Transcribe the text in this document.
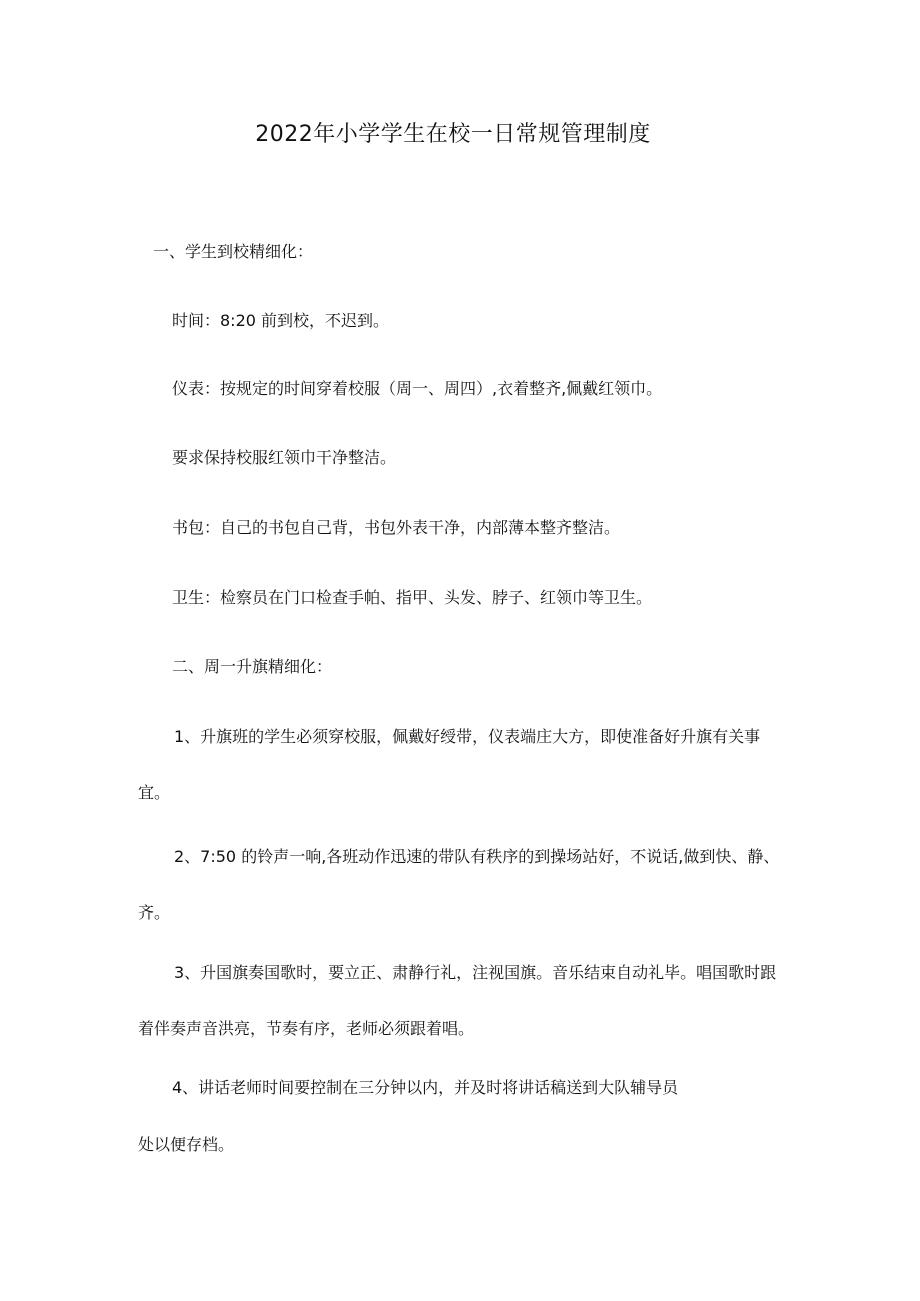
2022年小学学生在校一日常规管理制度
一、学生到校精细化：
时间：8:20 前到校，不迟到。
仪表：按规定的时间穿着校服（周一、周四）,衣着整齐,佩戴红领巾。
要求保持校服红领巾干净整洁。
书包：自己的书包自己背，书包外表干净，内部薄本整齐整洁。
卫生：检察员在门口检查手帕、指甲、头发、脖子、红领巾等卫生。
二、周一升旗精细化：
1、升旗班的学生必须穿校服，佩戴好绶带，仪表端庄大方，即使准备好升旗有关事宜。
2、7:50 的铃声一响,各班动作迅速的带队有秩序的到操场站好，不说话,做到快、静、齐。
3、升国旗奏国歌时，要立正、肃静行礼，注视国旗。音乐结束自动礼毕。唱国歌时跟着伴奏声音洪亮，节奏有序，老师必须跟着唱。
4、讲话老师时间要控制在三分钟以内，并及时将讲话稿送到大队辅导员
处以便存档。
